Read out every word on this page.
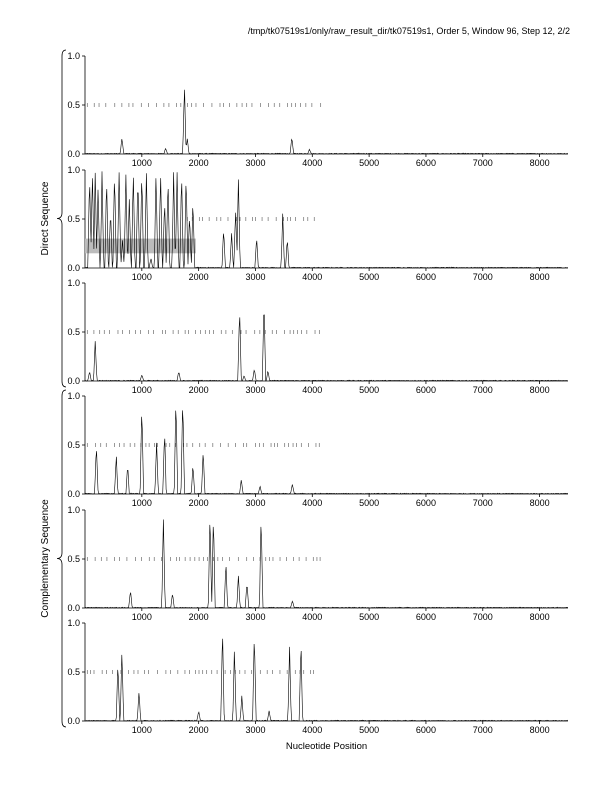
/tmp/tk07519s1/only/raw_result_dir/tk07519s1, Order 5, Window 96, Step 12, 2/2
0.0
0.5
1.0
1000	2000	3000	4000	5000	6000	7000	8000
0.0
0.5
1.0
1000	2000	3000	4000	5000	6000	7000	8000
0.0
0.5
1.0
1000	2000	3000	4000	5000	6000	7000	8000
0.0
0.5
1.0
1000	2000	3000	4000	5000	6000	7000	8000
0.0
0.5
1.0
1000	2000	3000	4000	5000	6000	7000	8000
0.0
0.5
1.0
1000	2000	3000	4000	5000	6000	7000	8000
Direct Sequence
Complementary Sequence
Nucleotide Position
